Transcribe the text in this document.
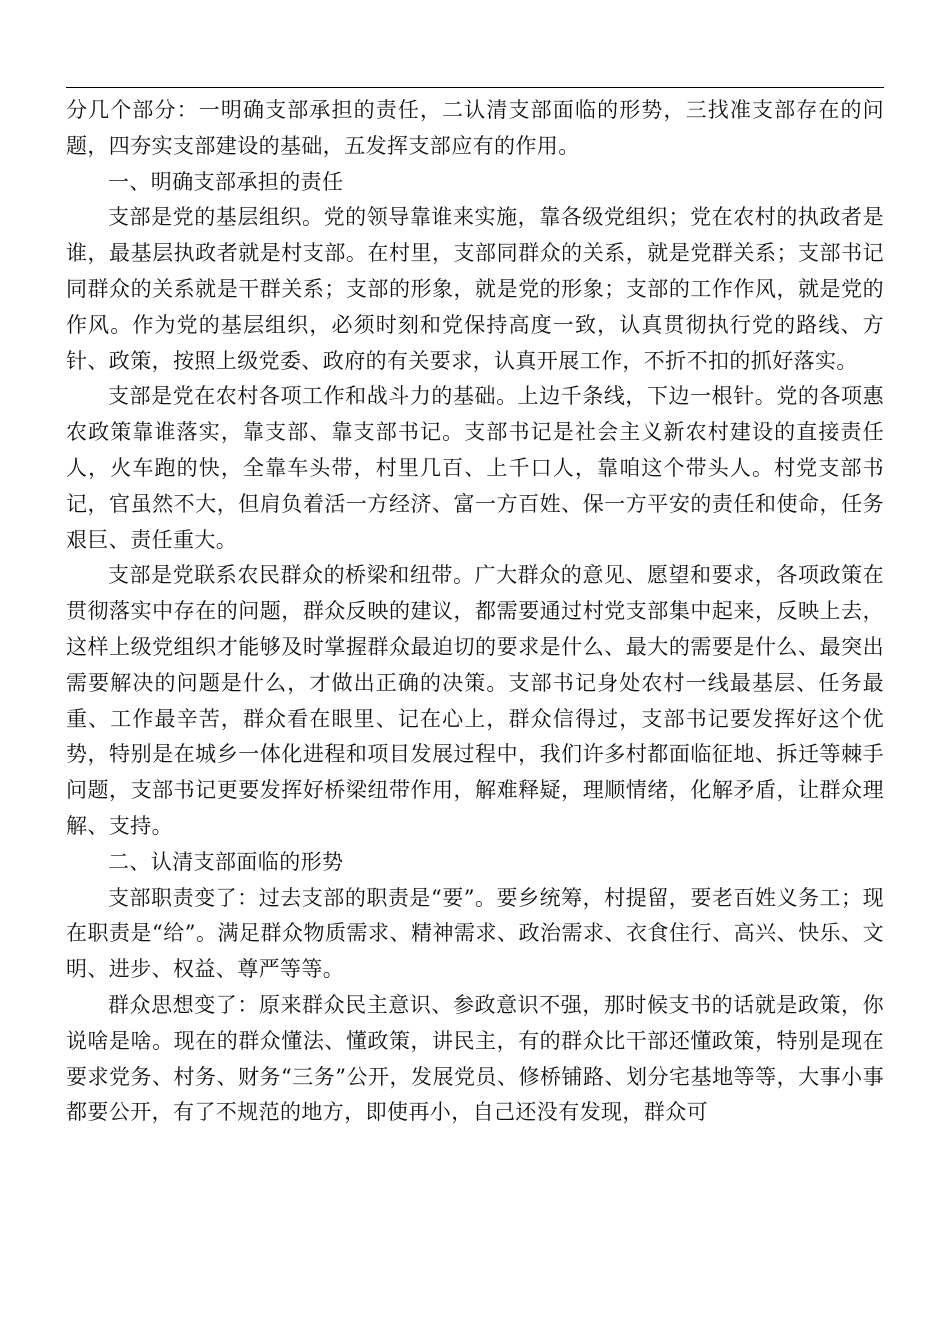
分几个部分：一明确支部承担的责任，二认清支部面临的形势，三找准支部存在的问题，四夯实支部建设的基础，五发挥支部应有的作用。

一、明确支部承担的责任

支部是党的基层组织。党的领导靠谁来实施，靠各级党组织；党在农村的执政者是谁，最基层执政者就是村支部。在村里，支部同群众的关系，就是党群关系；支部书记同群众的关系就是干群关系；支部的形象，就是党的形象；支部的工作作风，就是党的作风。作为党的基层组织，必须时刻和党保持高度一致，认真贯彻执行党的路线、方针、政策，按照上级党委、政府的有关要求，认真开展工作，不折不扣的抓好落实。

支部是党在农村各项工作和战斗力的基础。上边千条线，下边一根针。党的各项惠农政策靠谁落实，靠支部、靠支部书记。支部书记是社会主义新农村建设的直接责任人，火车跑的快，全靠车头带，村里几百、上千口人，靠咱这个带头人。村党支部书记，官虽然不大，但肩负着活一方经济、富一方百姓、保一方平安的责任和使命，任务艰巨、责任重大。

支部是党联系农民群众的桥梁和纽带。广大群众的意见、愿望和要求，各项政策在贯彻落实中存在的问题，群众反映的建议，都需要通过村党支部集中起来，反映上去，这样上级党组织才能够及时掌握群众最迫切的要求是什么、最大的需要是什么、最突出需要解决的问题是什么，才做出正确的决策。支部书记身处农村一线最基层、任务最重、工作最辛苦，群众看在眼里、记在心上，群众信得过，支部书记要发挥好这个优势，特别是在城乡一体化进程和项目发展过程中，我们许多村都面临征地、拆迁等棘手问题，支部书记更要发挥好桥梁纽带作用，解难释疑，理顺情绪，化解矛盾，让群众理解、支持。

二、认清支部面临的形势

支部职责变了：过去支部的职责是“要”。要乡统筹，村提留，要老百姓义务工；现在职责是“给”。满足群众物质需求、精神需求、政治需求、衣食住行、高兴、快乐、文明、进步、权益、尊严等等。

群众思想变了：原来群众民主意识、参政意识不强，那时候支书的话就是政策，你说啥是啥。现在的群众懂法、懂政策，讲民主，有的群众比干部还懂政策，特别是现在要求党务、村务、财务“三务”公开，发展党员、修桥铺路、划分宅基地等等，大事小事都要公开，有了不规范的地方，即使再小，自己还没有发现，群众可
